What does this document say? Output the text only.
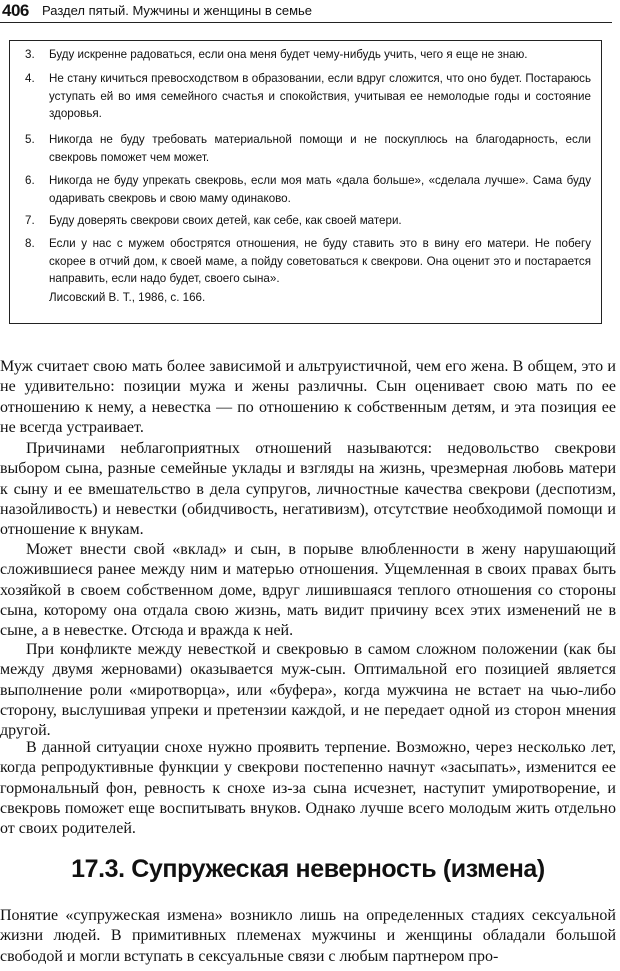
406 Раздел пятый. Мужчины и женщины в семье
3.	Буду искренне радоваться, если она меня будет чему-нибудь учить, чего я еще не знаю.
4.	Не стану кичиться превосходством в образовании, если вдруг сложится, что оно будет. Постараюсь уступать ей во имя семейного счастья и спокойствия, учитывая ее немолодые годы и состояние здоровья.
5.	Никогда не буду требовать материальной помощи и не поскуплюсь на благодарность, если свекровь поможет чем может.
6.	Никогда не буду упрекать свекровь, если моя мать «дала больше», «сделала лучше». Сама буду одаривать свекровь и свою маму одинаково.
7.	Буду доверять свекрови своих детей, как себе, как своей матери.
8.	Если у нас с мужем обострятся отношения, не буду ставить это в вину его матери. Не побегу скорее в отчий дом, к своей маме, а пойду советоваться к свекрови. Она оценит это и постарается направить, если надо будет, своего сына».
Лисовский В. Т., 1986, с. 166.

Муж считает свою мать более зависимой и альтруистичной, чем его жена. В общем, это и не удивительно: позиции мужа и жены различны. Сын оценивает свою мать по ее отношению к нему, а невестка — по отношению к собственным детям, и эта позиция ее не всегда устраивает.

Причинами неблагоприятных отношений называются: недовольство свекрови выбором сына, разные семейные уклады и взгляды на жизнь, чрезмерная любовь матери к сыну и ее вмешательство в дела супругов, личностные качества свекрови (деспотизм, назойливость) и невестки (обидчивость, негативизм), отсутствие необходимой помощи и отношение к внукам.

Может внести свой «вклад» и сын, в порыве влюбленности в жену нарушающий сложившиеся ранее между ним и матерью отношения. Ущемленная в своих правах быть хозяйкой в своем собственном доме, вдруг лишившаяся теплого отношения со стороны сына, которому она отдала свою жизнь, мать видит причину всех этих изменений не в сыне, а в невестке. Отсюда и вражда к ней.

При конфликте между невесткой и свекровью в самом сложном положении (как бы между двумя жерновами) оказывается муж-сын. Оптимальной его позицией является выполнение роли «миротворца», или «буфера», когда мужчина не встает на чью-либо сторону, выслушивая упреки и претензии каждой, и не передает одной из сторон мнения другой.

В данной ситуации снохе нужно проявить терпение. Возможно, через несколько лет, когда репродуктивные функции у свекрови постепенно начнут «засыпать», изменится ее гормональный фон, ревность к снохе из-за сына исчезнет, наступит умиротворение, и свекровь поможет еще воспитывать внуков. Однако лучше всего молодым жить отдельно от своих родителей.

17.3. Супружеская неверность (измена)

Понятие «супружеская измена» возникло лишь на определенных стадиях сексуальной жизни людей. В примитивных племенах мужчины и женщины обладали большой свободой и могли вступать в сексуальные связи с любым партнером про-
